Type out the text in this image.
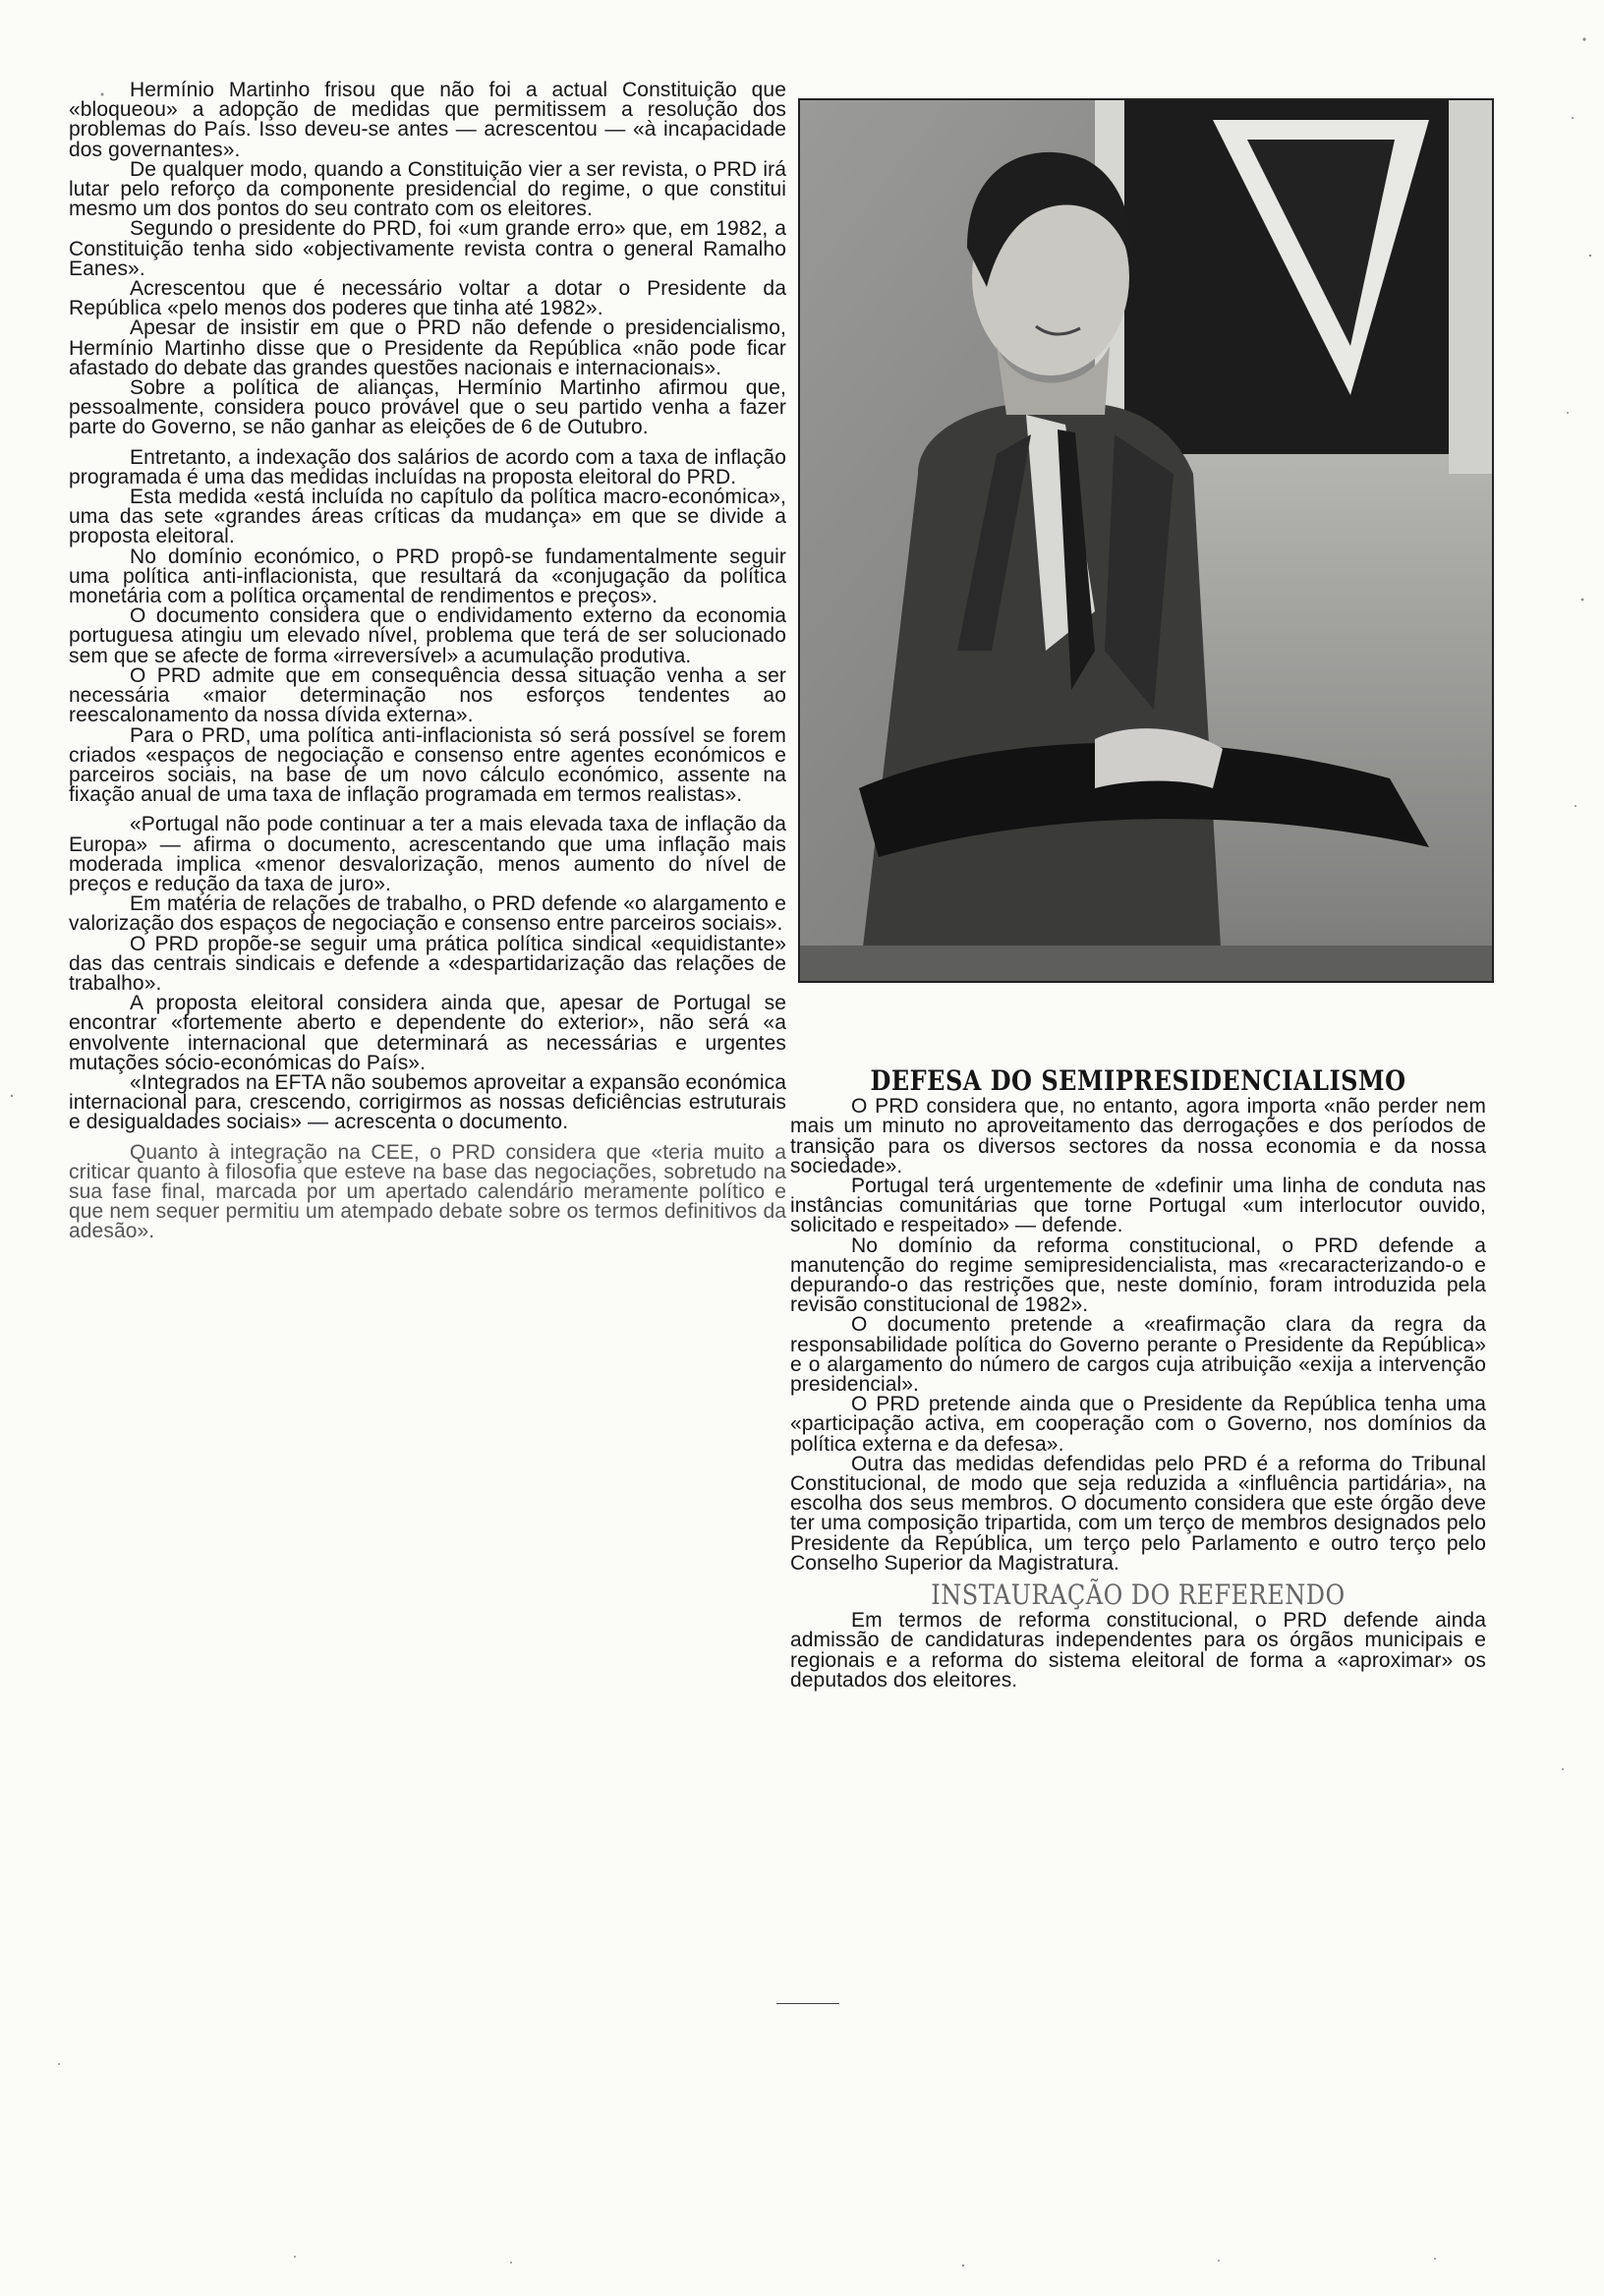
Hermínio Martinho frisou que não foi a actual Constituição que «bloqueou» a adopção de medidas que permitissem a resolução dos problemas do País. Isso deveu-se antes — acrescentou — «à incapacidade dos governantes».

De qualquer modo, quando a Constituição vier a ser revista, o PRD irá lutar pelo reforço da componente presidencial do regime, o que constitui mesmo um dos pontos do seu contrato com os eleitores.

Segundo o presidente do PRD, foi «um grande erro» que, em 1982, a Constituição tenha sido «objectivamente revista contra o general Ramalho Eanes».

Acrescentou que é necessário voltar a dotar o Presidente da República «pelo menos dos poderes que tinha até 1982».

Apesar de insistir em que o PRD não defende o presidencialismo, Hermínio Martinho disse que o Presidente da República «não pode ficar afastado do debate das grandes questões nacionais e internacionais».

Sobre a política de alianças, Hermínio Martinho afirmou que, pessoalmente, considera pouco provável que o seu partido venha a fazer parte do Governo, se não ganhar as eleições de 6 de Outubro.

Entretanto, a indexação dos salários de acordo com a taxa de inflação programada é uma das medidas incluídas na proposta eleitoral do PRD.

Esta medida «está incluída no capítulo da política macro-económica», uma das sete «grandes áreas críticas da mudança» em que se divide a proposta eleitoral.

No domínio económico, o PRD propô-se fundamentalmente seguir uma política anti-inflacionista, que resultará da «conjugação da política monetária com a política orçamental de rendimentos e preços».

O documento considera que o endividamento externo da economia portuguesa atingiu um elevado nível, problema que terá de ser solucionado sem que se afecte de forma «irreversível» a acumulação produtiva.

O PRD admite que em consequência dessa situação venha a ser necessária «maior determinação nos esforços tendentes ao reescalonamento da nossa dívida externa».

Para o PRD, uma política anti-inflacionista só será possível se forem criados «espaços de negociação e consenso entre agentes económicos e parceiros sociais, na base de um novo cálculo económico, assente na fixação anual de uma taxa de inflação programada em termos realistas».

«Portugal não pode continuar a ter a mais elevada taxa de inflação da Europa» — afirma o documento, acrescentando que uma inflação mais moderada implica «menor desvalorização, menos aumento do nível de preços e redução da taxa de juro».

Em matéria de relações de trabalho, o PRD defende «o alargamento e valorização dos espaços de negociação e consenso entre parceiros sociais».

O PRD propõe-se seguir uma prática política sindical «equidistante» das das centrais sindicais e defende a «despartidarização das relações de trabalho».

A proposta eleitoral considera ainda que, apesar de Portugal se encontrar «fortemente aberto e dependente do exterior», não será «a envolvente internacional que determinará as necessárias e urgentes mutações sócio-económicas do País».

«Integrados na EFTA não soubemos aproveitar a expansão económica internacional para, crescendo, corrigirmos as nossas deficiências estruturais e desigualdades sociais» — acrescenta o documento.

Quanto à integração na CEE, o PRD considera que «teria muito a criticar quanto à filosofia que esteve na base das negociações, sobretudo na sua fase final, marcada por um apertado calendário meramente político e que nem sequer permitiu um atempado debate sobre os termos definitivos da adesão».

DEFESA DO SEMIPRESIDENCIALISMO

O PRD considera que, no entanto, agora importa «não perder nem mais um minuto no aproveitamento das derrogações e dos períodos de transição para os diversos sectores da nossa economia e da nossa sociedade».

Portugal terá urgentemente de «definir uma linha de conduta nas instâncias comunitárias que torne Portugal «um interlocutor ouvido, solicitado e respeitado» — defende.

No domínio da reforma constitucional, o PRD defende a manutenção do regime semipresidencialista, mas «recaracterizando-o e depurando-o das restrições que, neste domínio, foram introduzida pela revisão constitucional de 1982».

O documento pretende a «reafirmação clara da regra da responsabilidade política do Governo perante o Presidente da República» e o alargamento do número de cargos cuja atribuição «exija a intervenção presidencial».

O PRD pretende ainda que o Presidente da República tenha uma «participação activa, em cooperação com o Governo, nos domínios da política externa e da defesa».

Outra das medidas defendidas pelo PRD é a reforma do Tribunal Constitucional, de modo que seja reduzida a «influência partidária», na escolha dos seus membros. O documento considera que este órgão deve ter uma composição tripartida, com um terço de membros designados pelo Presidente da República, um terço pelo Parlamento e outro terço pelo Conselho Superior da Magistratura.

INSTAURAÇÃO DO REFERENDO

Em termos de reforma constitucional, o PRD defende ainda admissão de candidaturas independentes para os órgãos municipais e regionais e a reforma do sistema eleitoral de forma a «aproximar» os deputados dos eleitores.
